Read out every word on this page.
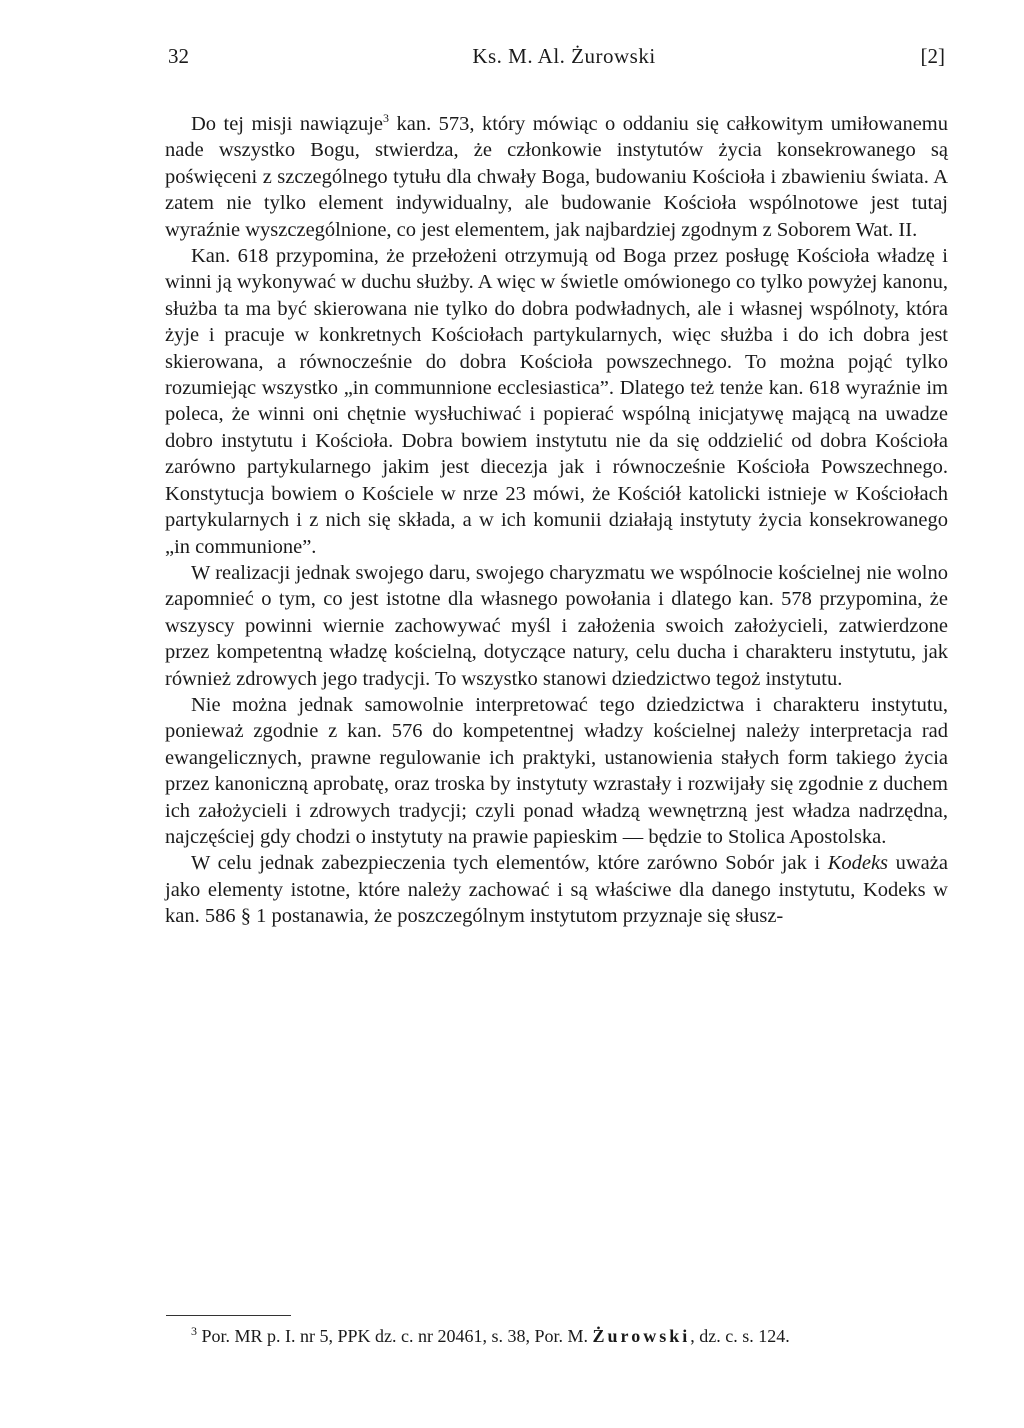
32	Ks. M. Al. Żurowski	[2]

Do tej misji nawiązuje$^3$ kan. 573, który mówiąc o oddaniu się całkowitym umiłowanemu nade wszystko Bogu, stwierdza, że członkowie instytutów życia konsekrowanego są poświęceni z szczególnego tytułu dla chwały Boga, budowaniu Kościoła i zbawieniu świata. A zatem nie tylko element indywidualny, ale budowanie Kościoła wspólnotowe jest tutaj wyraźnie wyszczególnione, co jest elementem, jak najbardziej zgodnym z Soborem Wat. II.

Kan. 618 przypomina, że przełożeni otrzymują od Boga przez posługę Kościoła władzę i winni ją wykonywać w duchu służby. A więc w świetle omówionego co tylko powyżej kanonu, służba ta ma być skierowana nie tylko do dobra podwładnych, ale i własnej wspólnoty, która żyje i pracuje w konkretnych Kościołach partykularnych, więc służba i do ich dobra jest skierowana, a równocześnie do dobra Kościoła powszechnego. To można pojąć tylko rozumiejąc wszystko „in communnione ecclesiastica”. Dlatego też tenże kan. 618 wyraźnie im poleca, że winni oni chętnie wysłuchiwać i popierać wspólną inicjatywę mającą na uwadze dobro instytutu i Kościoła. Dobra bowiem instytutu nie da się oddzielić od dobra Kościoła zarówno partykularnego jakim jest diecezja jak i równocześnie Kościoła Powszechnego. Konstytucja bowiem o Kościele w nrze 23 mówi, że Kościół katolicki istnieje w Kościołach partykularnych i z nich się składa, a w ich komunii działają instytuty życia konsekrowanego „in communione”.

W realizacji jednak swojego daru, swojego charyzmatu we wspólnocie kościelnej nie wolno zapomnieć o tym, co jest istotne dla własnego powołania i dlatego kan. 578 przypomina, że wszyscy powinni wiernie zachowywać myśl i założenia swoich założycieli, zatwierdzone przez kompetentną władzę kościelną, dotyczące natury, celu ducha i charakteru instytutu, jak również zdrowych jego tradycji. To wszystko stanowi dziedzictwo tegoż instytutu.

Nie można jednak samowolnie interpretować tego dziedzictwa i charakteru instytutu, ponieważ zgodnie z kan. 576 do kompetentnej władzy kościelnej należy interpretacja rad ewangelicznych, prawne regulowanie ich praktyki, ustanowienia stałych form takiego życia przez kanoniczną aprobatę, oraz troska by instytuty wzrastały i rozwijały się zgodnie z duchem ich założycieli i zdrowych tradycji; czyli ponad władzą wewnętrzną jest władza nadrzędna, najczęściej gdy chodzi o instytuty na prawie papieskim — będzie to Stolica Apostolska.

W celu jednak zabezpieczenia tych elementów, które zarówno Sobór jak i Kodeks uważa jako elementy istotne, które należy zachować i są właściwe dla danego instytutu, Kodeks w kan. 586 § 1 postanawia, że poszczególnym instytutom przyznaje się słusz-

$^3$ Por. MR p. I. nr 5, PPK dz. c. nr 20461, s. 38, Por. M. Żurowski, dz. c. s. 124.
